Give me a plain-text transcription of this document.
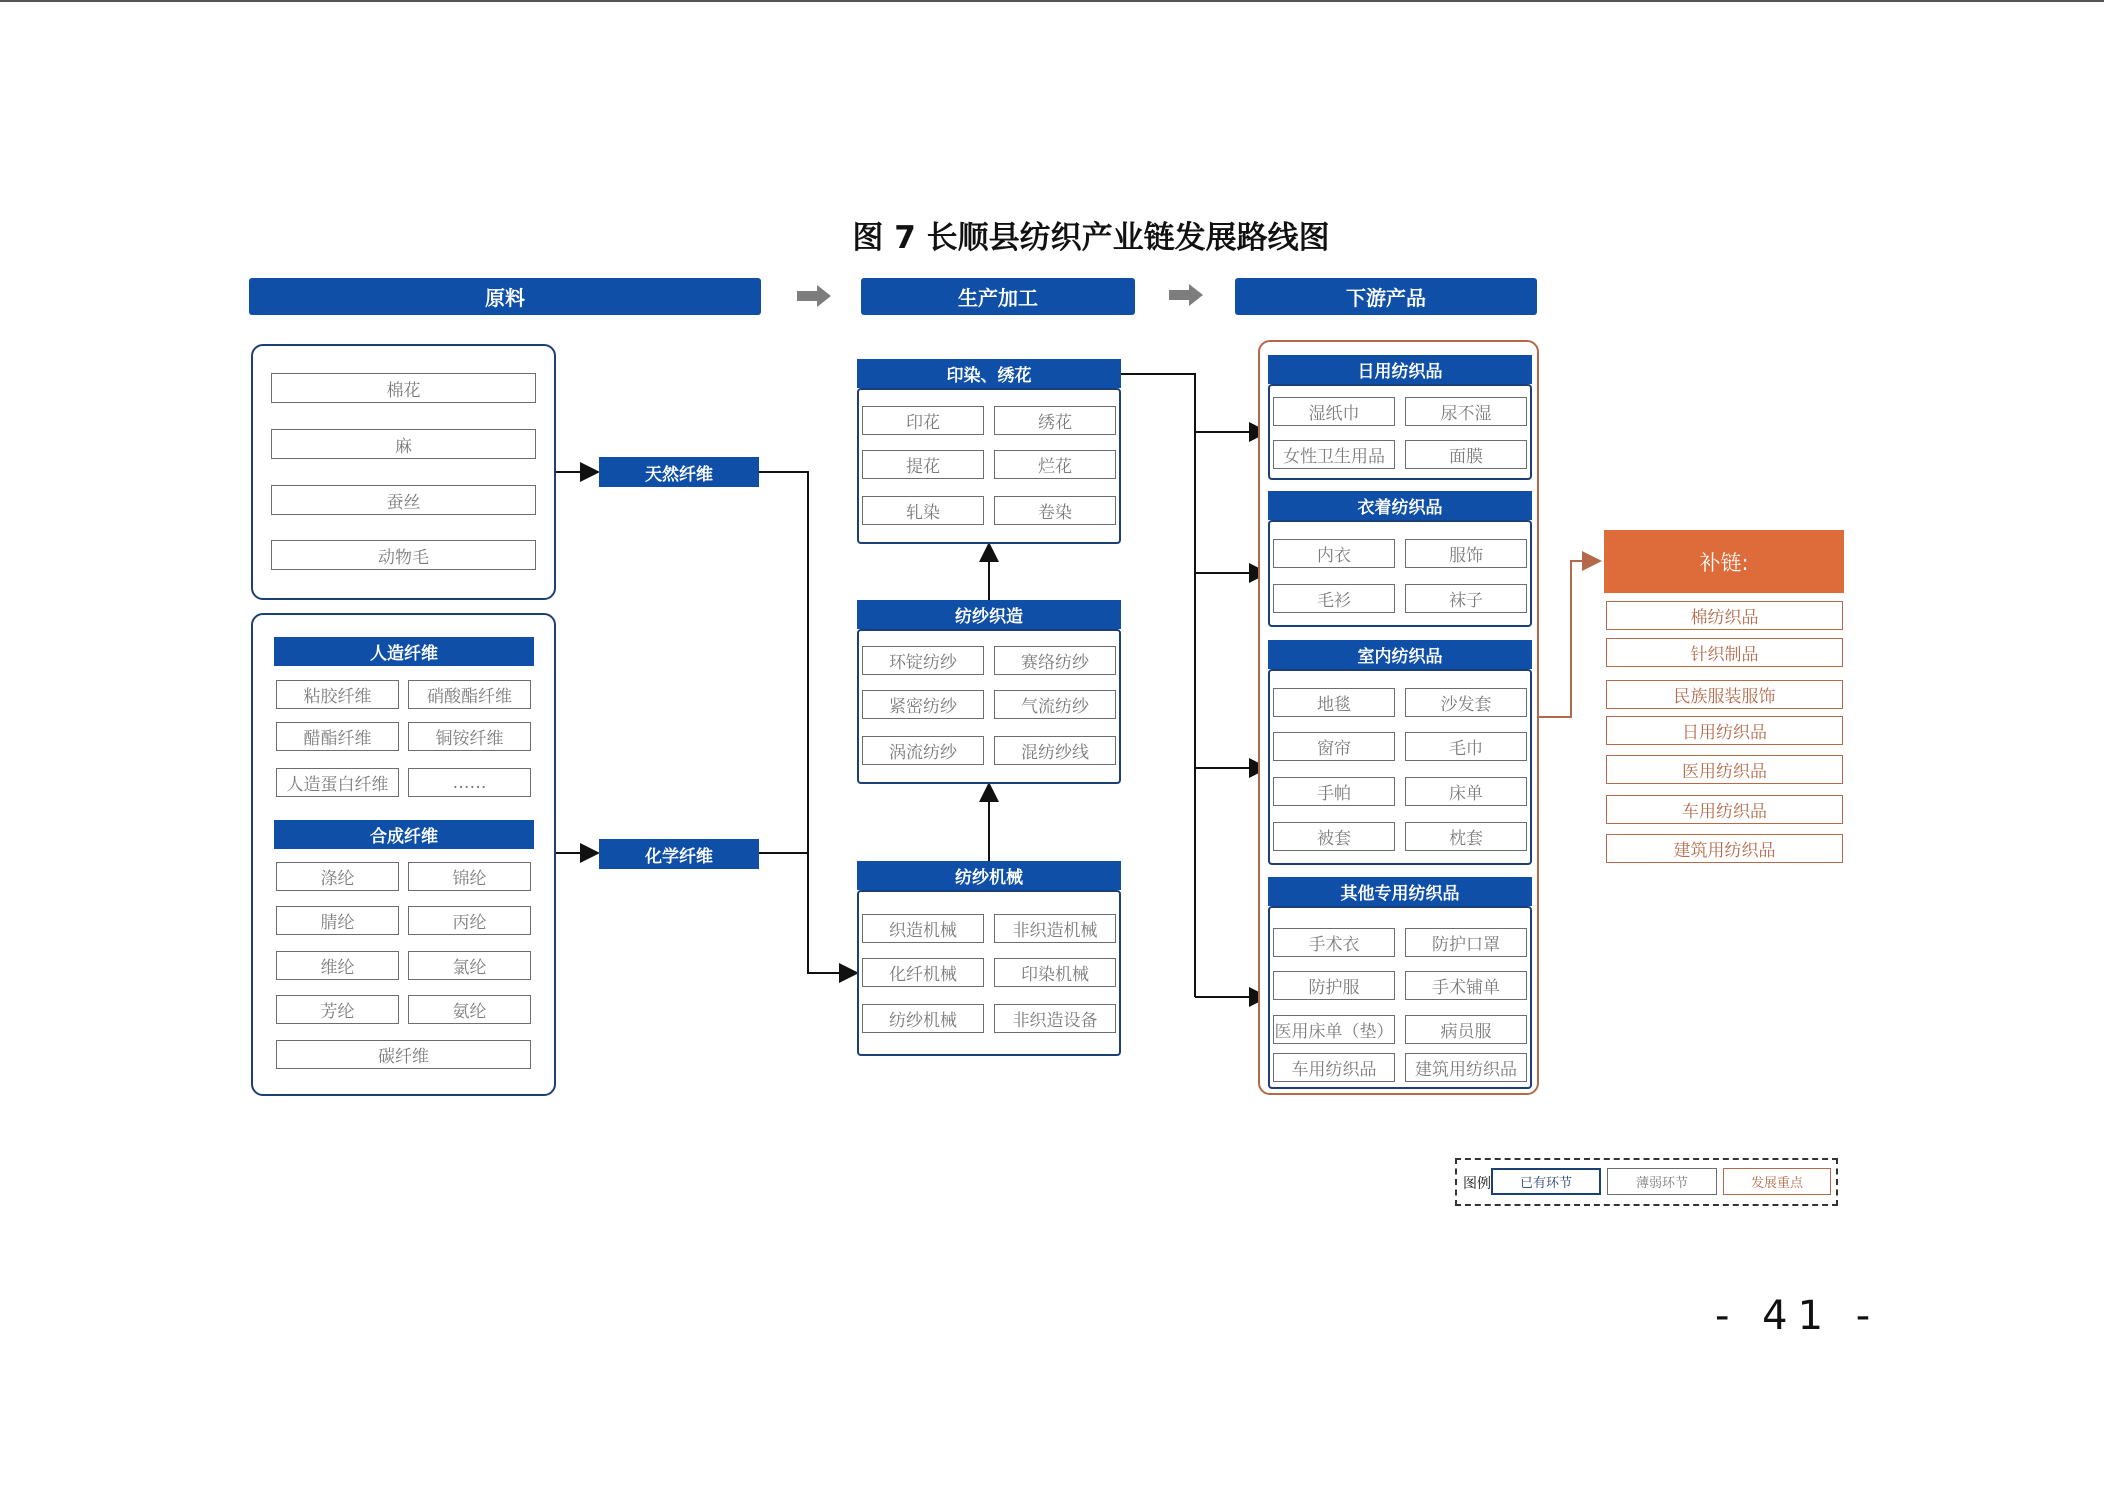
图 7 长顺县纺织产业链发展路线图
原料	生产加工	下游产品
棉花
麻
蚕丝
动物毛
天然纤维
人造纤维
粘胶纤维	硝酸酯纤维
醋酯纤维	铜铵纤维
人造蛋白纤维	……
合成纤维
涤纶	锦纶
腈纶	丙纶
维纶	氯纶
芳纶	氨纶
碳纤维
化学纤维
印染、绣花
印花	绣花
提花	烂花
轧染	卷染
纺纱织造
环锭纺纱	赛络纺纱
紧密纺纱	气流纺纱
涡流纺纱	混纺纱线
纺纱机械
织造机械	非织造机械
化纤机械	印染机械
纺纱机械	非织造设备
日用纺织品
湿纸巾	尿不湿
女性卫生用品	面膜
衣着纺织品
内衣	服饰
毛衫	袜子
室内纺织品
地毯	沙发套
窗帘	毛巾
手帕	床单
被套	枕套
其他专用纺织品
手术衣	防护口罩
防护服	手术铺单
医用床单（垫）	病员服
车用纺织品	建筑用纺织品
补链:
棉纺织品
针织制品
民族服装服饰
日用纺织品
医用纺织品
车用纺织品
建筑用纺织品
图例	已有环节	薄弱环节	发展重点
- 41 -
